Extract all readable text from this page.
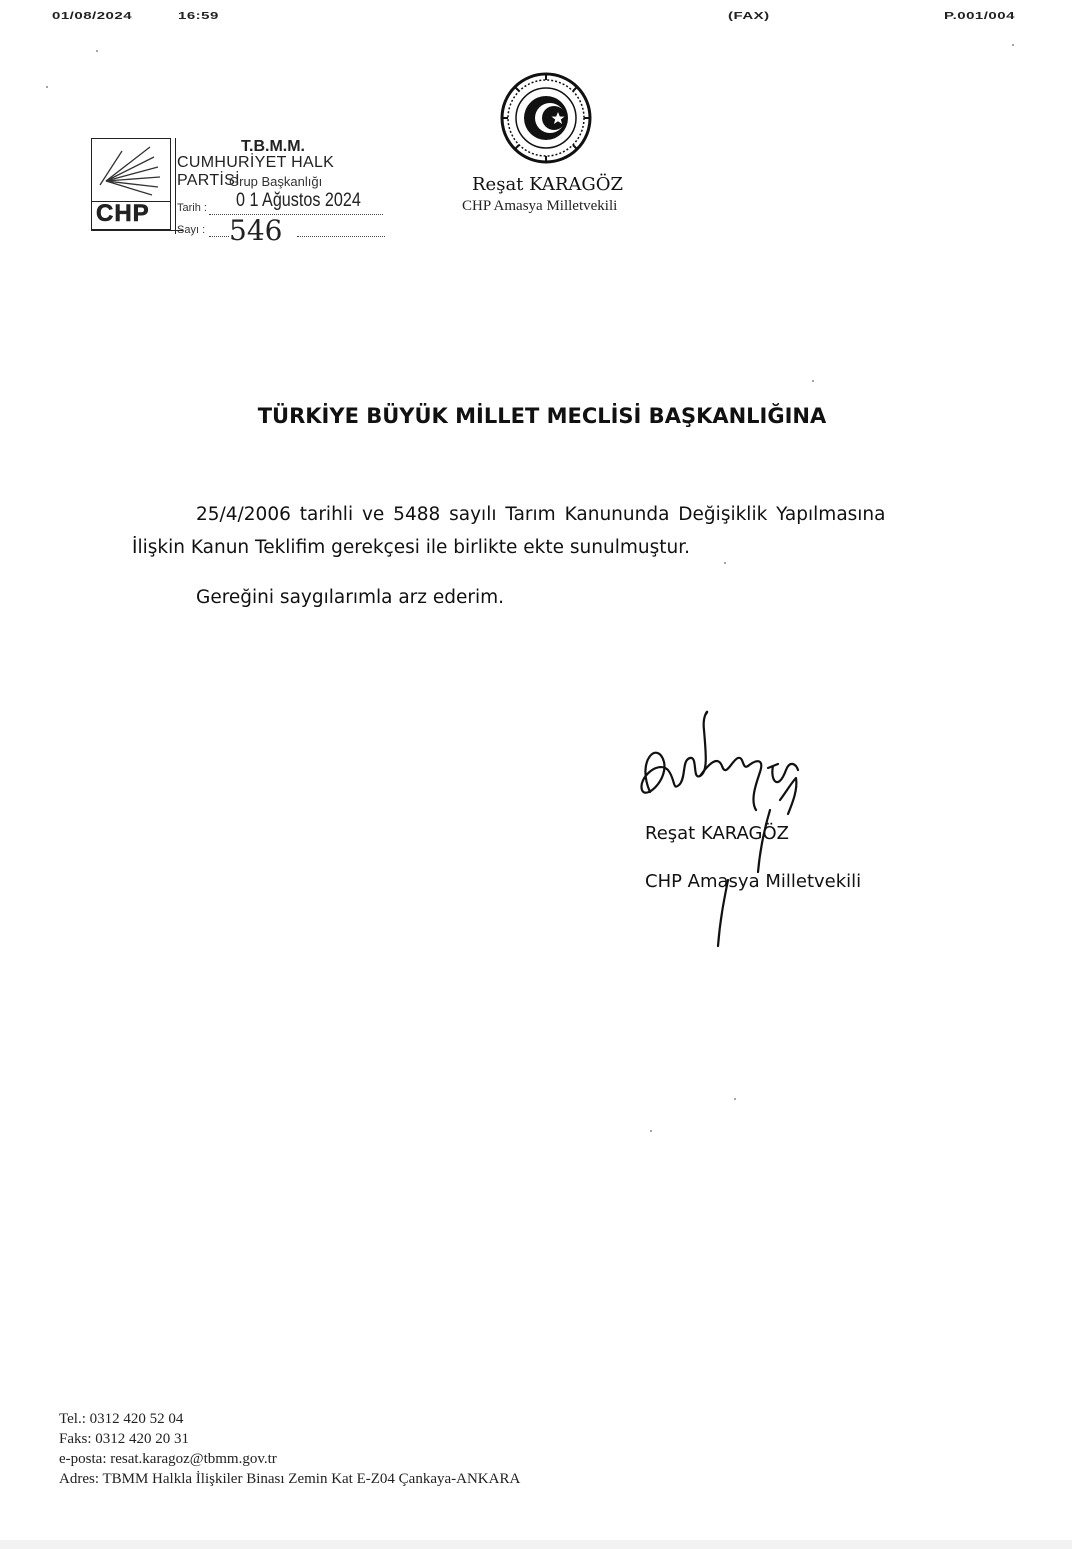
01/08/2024	16:59	(FAX)	P.001/004
CHP
T.B.M.M.
CUMHURİYET HALK PARTİSİ
Grup Başkanlığı
Tarih : 0 1 Ağustos 2024
Sayı : 546
Reşat KARAGÖZ
CHP Amasya Milletvekili
TÜRKİYE BÜYÜK MİLLET MECLİSİ BAŞKANLIĞINA
25/4/2006 tarihli ve 5488 sayılı Tarım Kanununda Değişiklik Yapılmasına
İlişkin Kanun Teklifim gerekçesi ile birlikte ekte sunulmuştur.
Gereğini saygılarımla arz ederim.
Reşat KARAGÖZ
CHP Amasya Milletvekili
Tel.: 0312 420 52 04
Faks: 0312 420 20 31
e-posta: resat.karagoz@tbmm.gov.tr
Adres: TBMM Halkla İlişkiler Binası Zemin Kat E-Z04 Çankaya-ANKARA
